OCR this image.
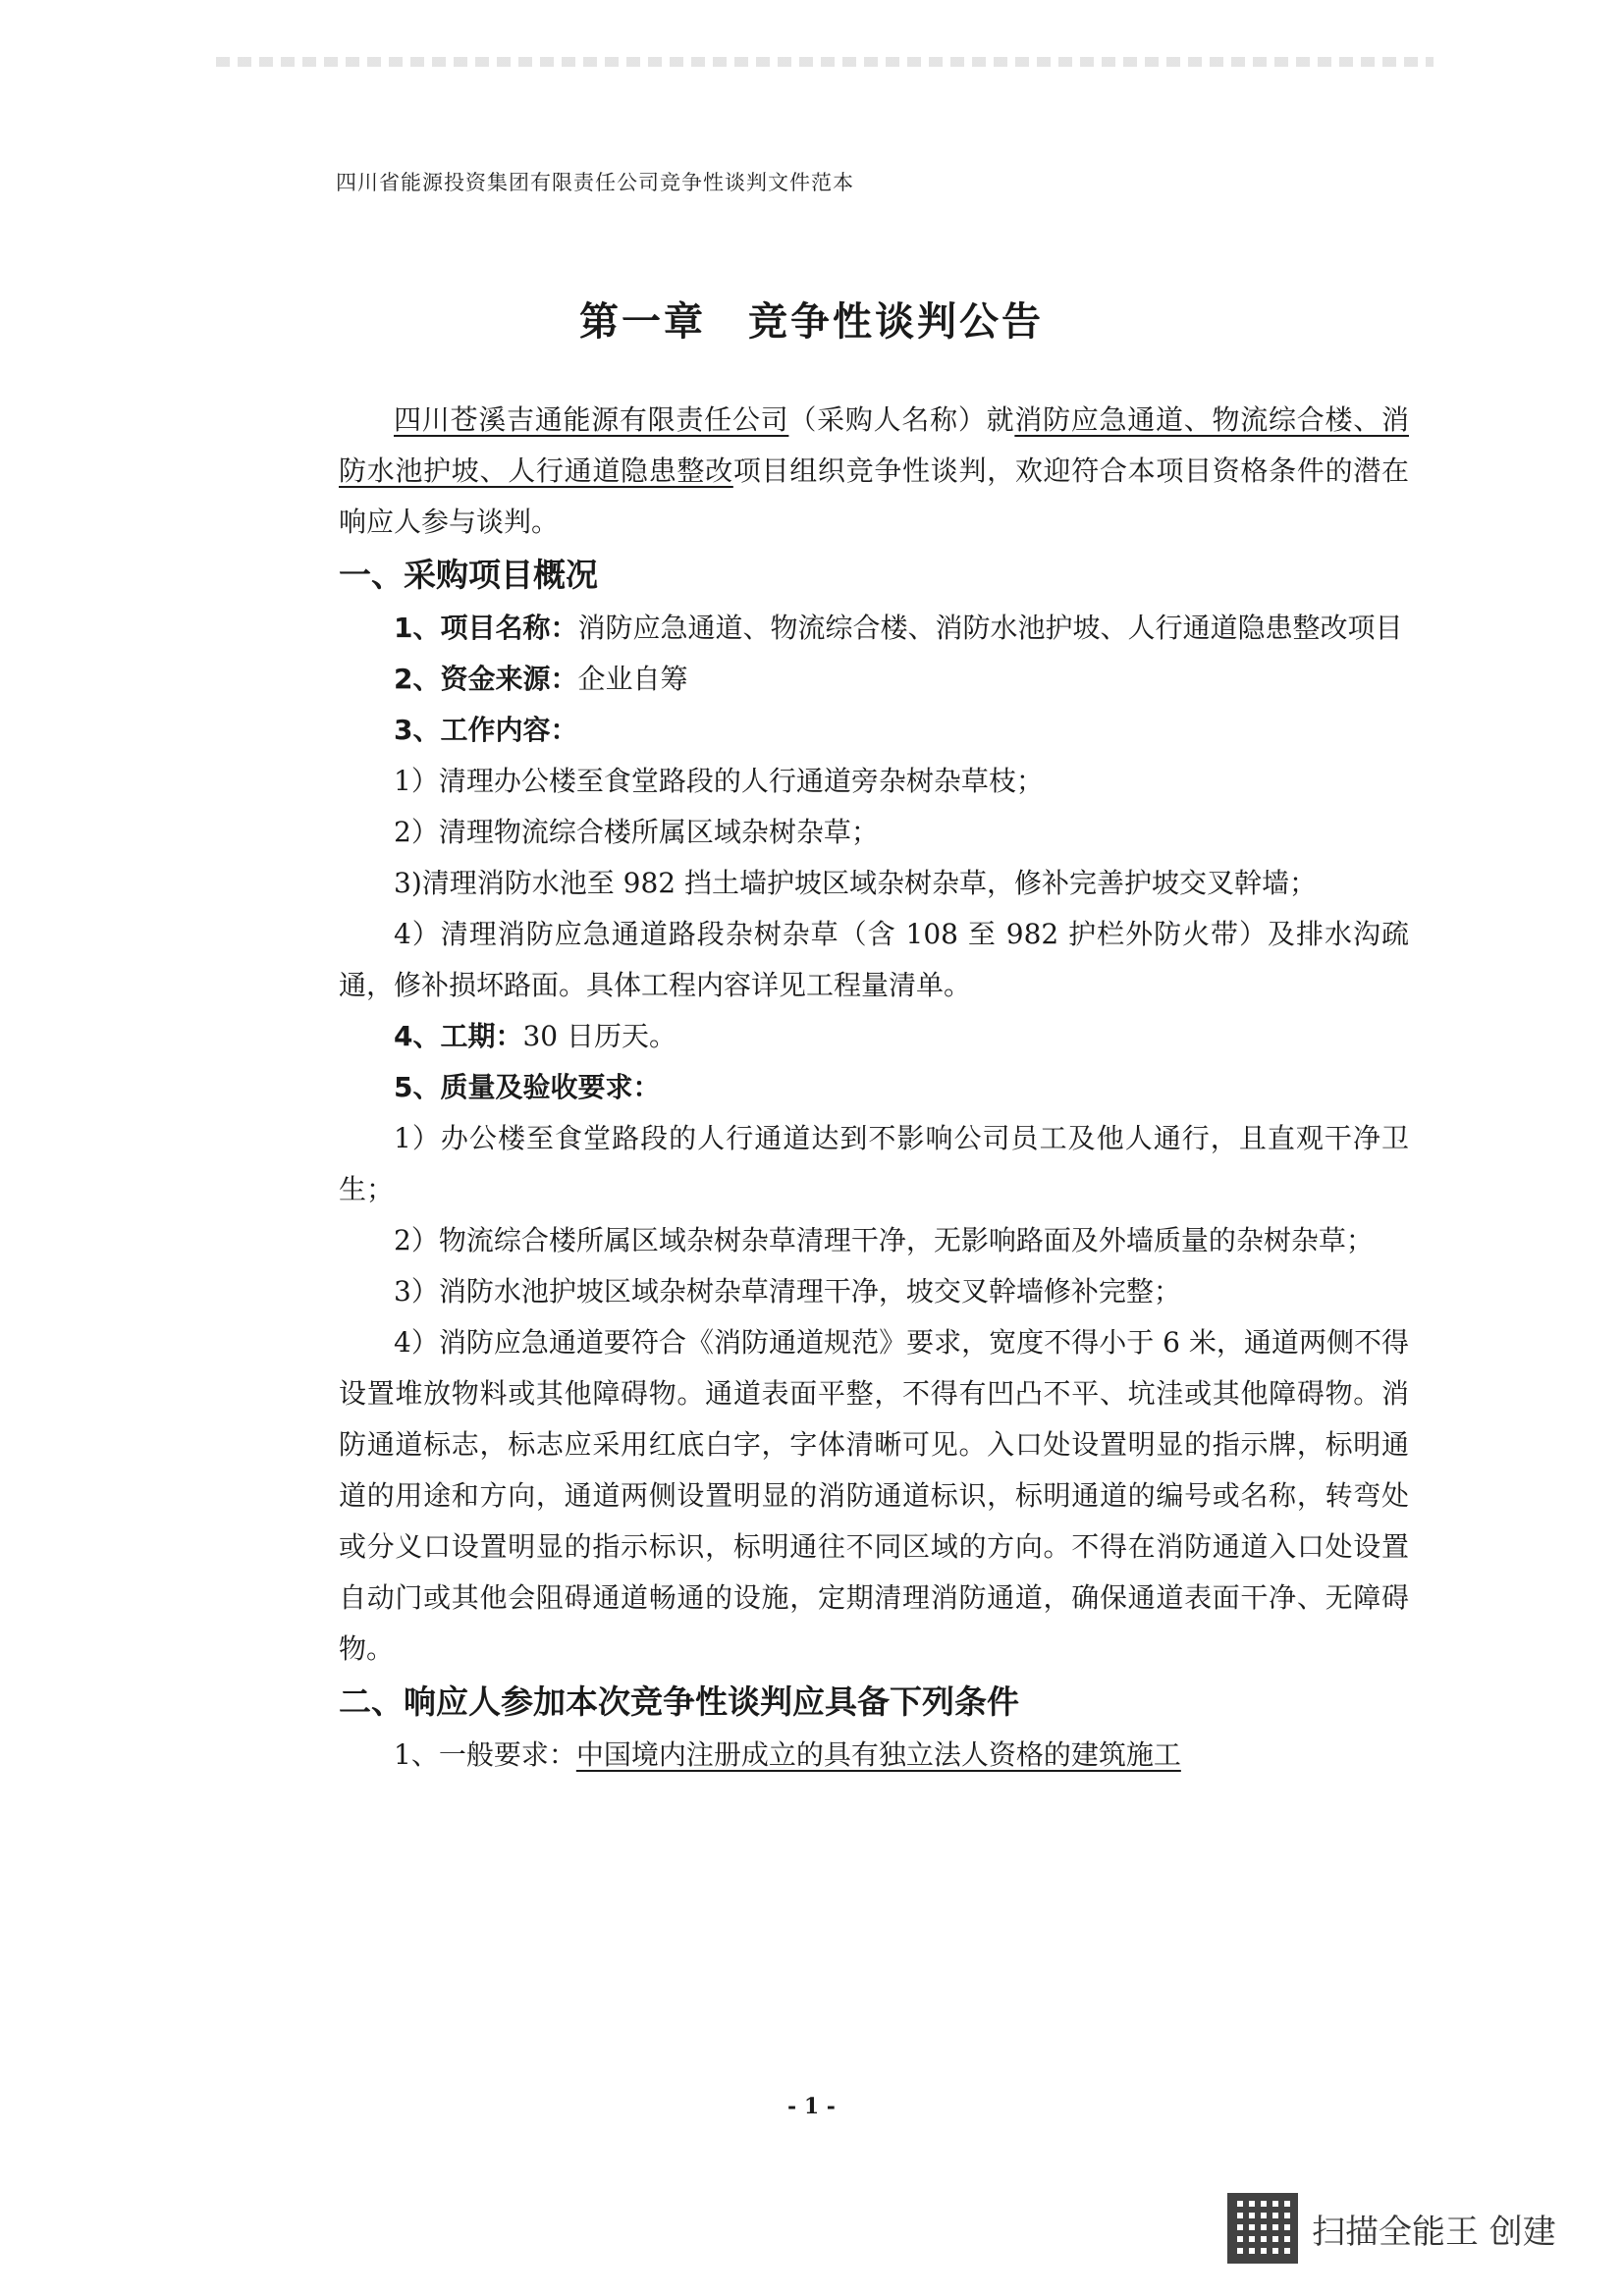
四川省能源投资集团有限责任公司竞争性谈判文件范本
第一章　竞争性谈判公告

四川苍溪吉通能源有限责任公司（采购人名称）就消防应急通道、物流综合楼、消防水池护坡、人行通道隐患整改项目组织竞争性谈判，欢迎符合本项目资格条件的潜在响应人参与谈判。

一、采购项目概况

1、项目名称：消防应急通道、物流综合楼、消防水池护坡、人行通道隐患整改项目

2、资金来源：企业自筹

3、工作内容：

1）清理办公楼至食堂路段的人行通道旁杂树杂草枝；

2）清理物流综合楼所属区域杂树杂草；

3)清理消防水池至 982 挡土墙护坡区域杂树杂草，修补完善护坡交叉幹墙；

4）清理消防应急通道路段杂树杂草（含 108 至 982 护栏外防火带）及排水沟疏通，修补损坏路面。具体工程内容详见工程量清单。

4、工期：30 日历天。

5、质量及验收要求：

1）办公楼至食堂路段的人行通道达到不影响公司员工及他人通行，且直观干净卫生；

2）物流综合楼所属区域杂树杂草清理干净，无影响路面及外墙质量的杂树杂草；

3）消防水池护坡区域杂树杂草清理干净，坡交叉幹墙修补完整；

4）消防应急通道要符合《消防通道规范》要求，宽度不得小于 6 米，通道两侧不得设置堆放物料或其他障碍物。通道表面平整，不得有凹凸不平、坑洼或其他障碍物。消防通道标志，标志应采用红底白字，字体清晰可见。入口处设置明显的指示牌，标明通道的用途和方向，通道两侧设置明显的消防通道标识，标明通道的编号或名称，转弯处或分义口设置明显的指示标识，标明通往不同区域的方向。不得在消防通道入口处设置自动门或其他会阻碍通道畅通的设施，定期清理消防通道，确保通道表面干净、无障碍物。

二、响应人参加本次竞争性谈判应具备下列条件

1、一般要求：中国境内注册成立的具有独立法人资格的建筑施工

- 1 -
扫描全能王 创建
